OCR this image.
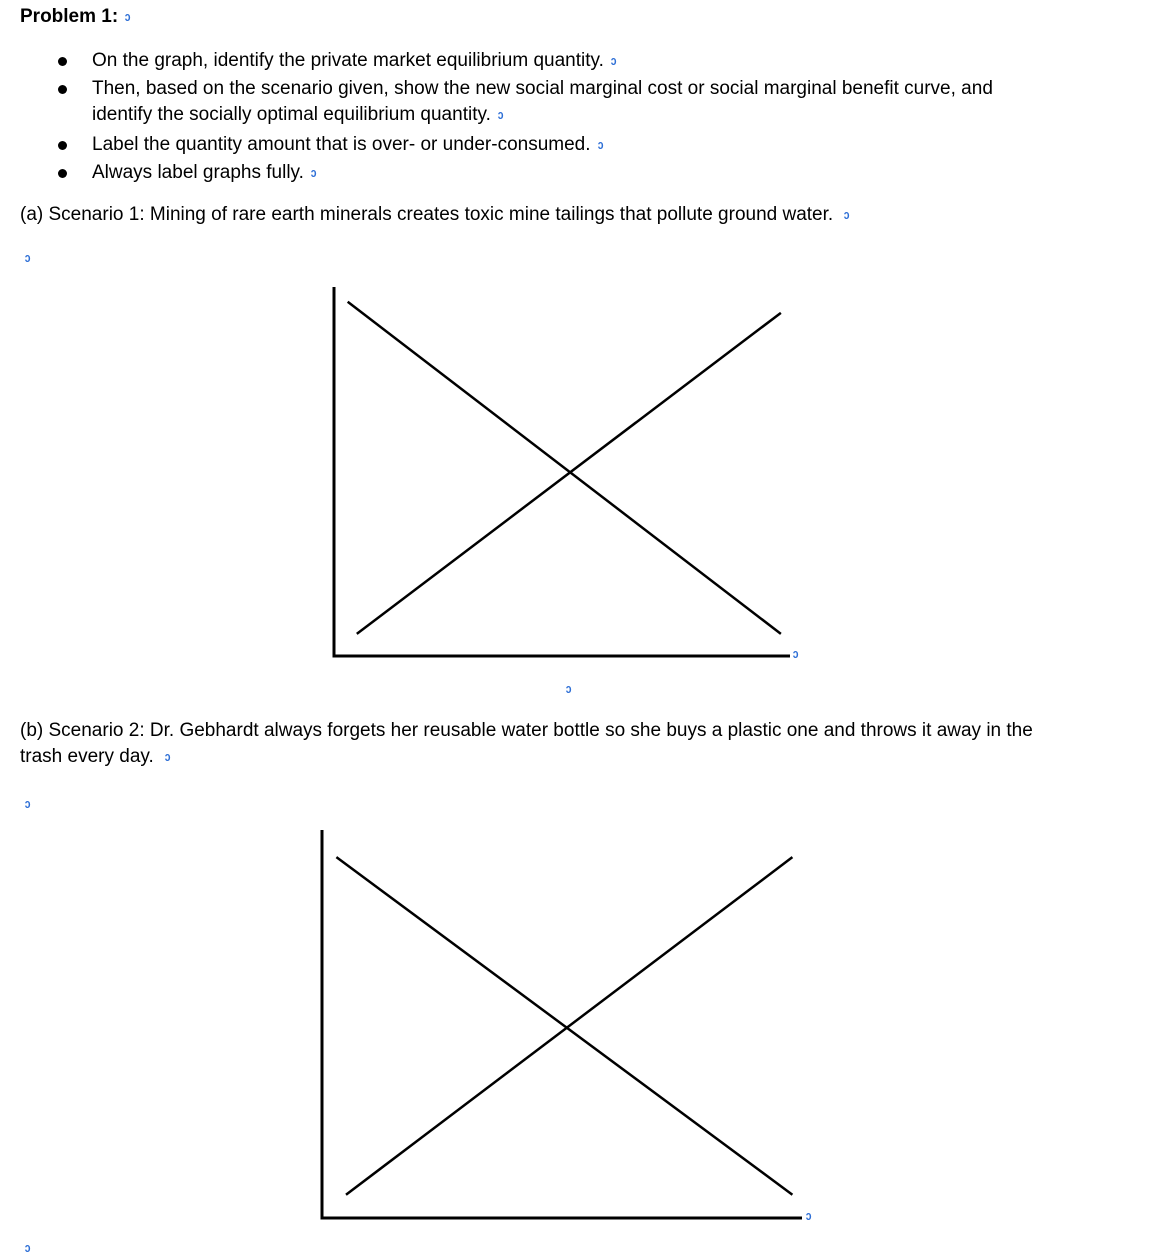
Problem 1: ↄ
On the graph, identify the private market equilibrium quantity. ↄ
Then, based on the scenario given, show the new social marginal cost or social marginal benefit curve, and
identify the socially optimal equilibrium quantity. ↄ
Label the quantity amount that is over- or under-consumed. ↄ
Always label graphs fully. ↄ
(a) Scenario 1: Mining of rare earth minerals creates toxic mine tailings that pollute ground water. ↄ
ↄ
ↄ
ↄ
(b) Scenario 2: Dr. Gebhardt always forgets her reusable water bottle so she buys a plastic one and throws it away in the
trash every day. ↄ
ↄ
ↄ
ↄ
